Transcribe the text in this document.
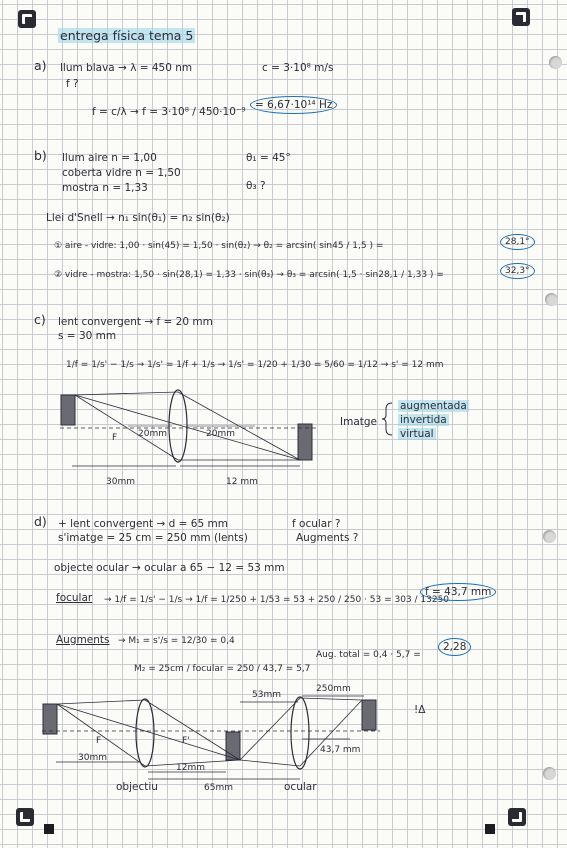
entrega física tema 5
a) llum blava → λ = 450 nm	c = 3·10⁸ m/s
f ?
f = c/λ → f = 3·10⁸ / 450·10⁻⁹
= 6,67·10¹⁴ Hz
b) llum aire n = 1,00
coberta vidre n = 1,50
mostra n = 1,33
θ₁ = 45°
θ₃ ?
Llei d'Snell → n₁ sin(θ₁) = n₂ sin(θ₂)
① aire - vidre: 1,00 · sin(45) = 1,50 · sin(θ₂) → θ₂ = arcsin( sin45 / 1,5 ) =	28,1°
② vidre - mostra: 1,50 · sin(28,1) = 1,33 · sin(θ₃) → θ₃ = arcsin( 1,5 · sin28,1 / 1,33 ) =	32,3°
c) lent convergent → f = 20 mm
s = 30 mm
1/f = 1/s' − 1/s → 1/s' = 1/f + 1/s → 1/s' = 1/20 + 1/30 = 5/60 = 1/12 → s' = 12 mm
F 20mm	20mm
30mm	12 mm
Imatge
augmentada
invertida
virtual
d) + lent convergent → d = 65 mm
s'imatge = 25 cm = 250 mm (lents)
f ocular ?
Augments ?
objecte ocular → ocular a 65 − 12 = 53 mm
focular → 1/f = 1/s' − 1/s → 1/f = 1/250 + 1/53 = 53 + 250 / 250 · 53 = 303 / 13250
f = 43,7 mm
Augments → M₁ = s'/s = 12/30 = 0,4
M₂ = 25cm / focular = 250 / 43,7 = 5,7
Aug. total = 0,4 · 5,7 =
2,28
F	F'
53mm
250mm
43,7 mm
30mm
12mm
65mm
objectiu	ocular
!Δ
